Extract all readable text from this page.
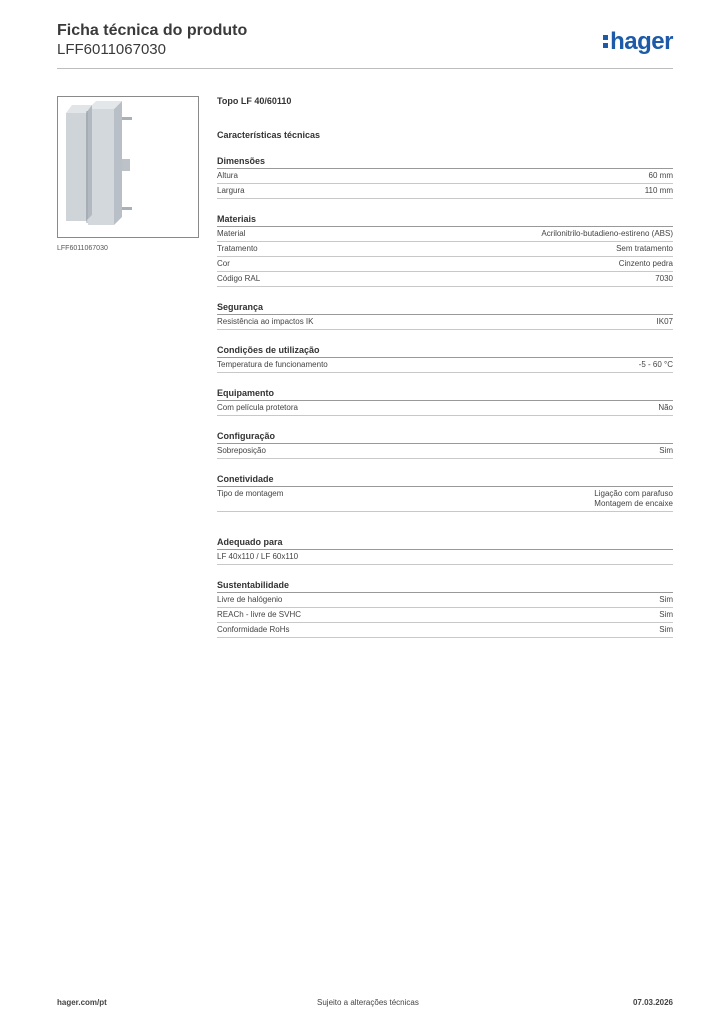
Ficha técnica do produto
LFF6011067030	hager
LFF6011067030
Topo LF 40/60110
Características técnicas
Dimensões
Altura	60 mm
Largura	110 mm
Materiais
Material	Acrilonitrilo-butadieno-estireno (ABS)
Tratamento	Sem tratamento
Cor	Cinzento pedra
Código RAL	7030
Segurança
Resistência ao impactos IK	IK07
Condições de utilização
Temperatura de funcionamento	-5 - 60 °C
Equipamento
Com película protetora	Não
Configuração
Sobreposição	Sim
Conetividade
Tipo de montagem	Ligação com parafuso
Montagem de encaixe
Adequado para
LF 40x110 / LF 60x110
Sustentabilidade
Livre de halógenio	Sim
REACh - livre de SVHC	Sim
Conformidade RoHs	Sim
hager.com/pt	Sujeito a alterações técnicas	07.03.2026
